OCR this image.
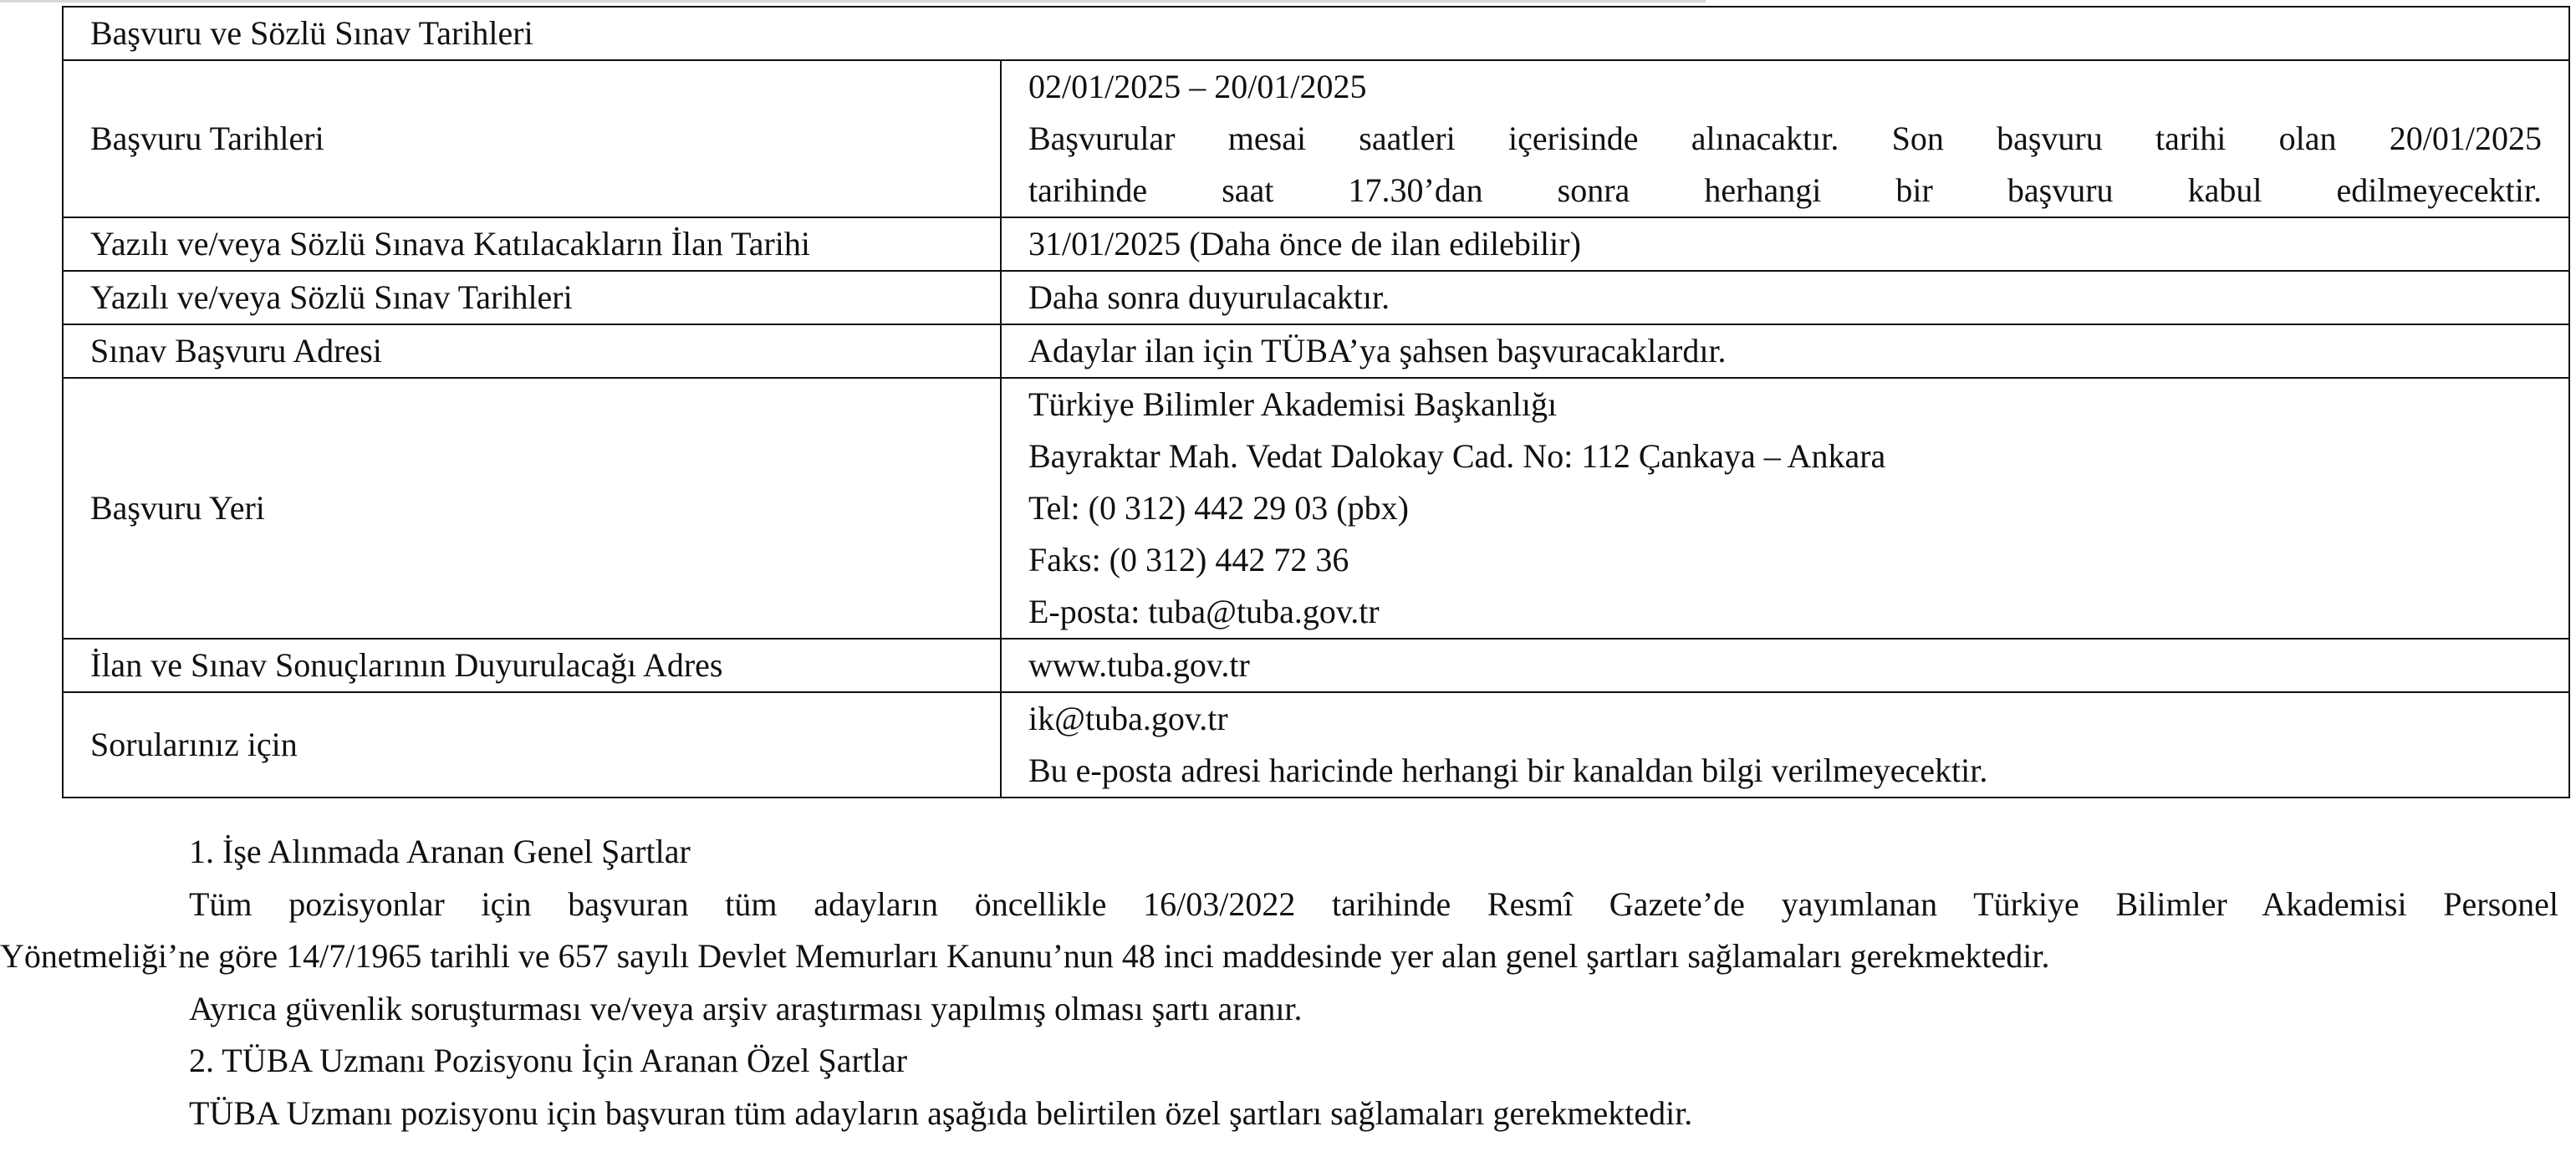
Başvuru ve Sözlü Sınav Tarihleri	
Başvuru Tarihleri	02/01/2025 – 20/01/2025
Başvurular mesai saatleri içerisinde alınacaktır. Son başvuru tarihi olan 20/01/2025
tarihinde saat 17.30’dan sonra herhangi bir başvuru kabul edilmeyecektir.

Yazılı ve/veya Sözlü Sınava Katılacakların İlan Tarihi	31/01/2025 (Daha önce de ilan edilebilir)
Yazılı ve/veya Sözlü Sınav Tarihleri	Daha sonra duyurulacaktır.
Sınav Başvuru Adresi	Adaylar ilan için TÜBA’ya şahsen başvuracaklardır.
Başvuru Yeri	Türkiye Bilimler Akademisi Başkanlığı
Bayraktar Mah. Vedat Dalokay Cad. No: 112 Çankaya – Ankara
Tel: (0 312) 442 29 03 (pbx)
Faks: (0 312) 442 72 36
E-posta: tuba@tuba.gov.tr

İlan ve Sınav Sonuçlarının Duyurulacağı Adres	www.tuba.gov.tr
Sorularınız için	ik@tuba.gov.tr
Bu e-posta adresi haricinde herhangi bir kanaldan bilgi verilmeyecektir.
1. İşe Alınmada Aranan Genel Şartlar
Tüm pozisyonlar için başvuran tüm adayların öncellikle 16/03/2022 tarihinde Resmî Gazete’de yayımlanan Türkiye Bilimler Akademisi Personel
Yönetmeliği’ne göre 14/7/1965 tarihli ve 657 sayılı Devlet Memurları Kanunu’nun 48 inci maddesinde yer alan genel şartları sağlamaları gerekmektedir.
Ayrıca güvenlik soruşturması ve/veya arşiv araştırması yapılmış olması şartı aranır.
2. TÜBA Uzmanı Pozisyonu İçin Aranan Özel Şartlar
TÜBA Uzmanı pozisyonu için başvuran tüm adayların aşağıda belirtilen özel şartları sağlamaları gerekmektedir.
